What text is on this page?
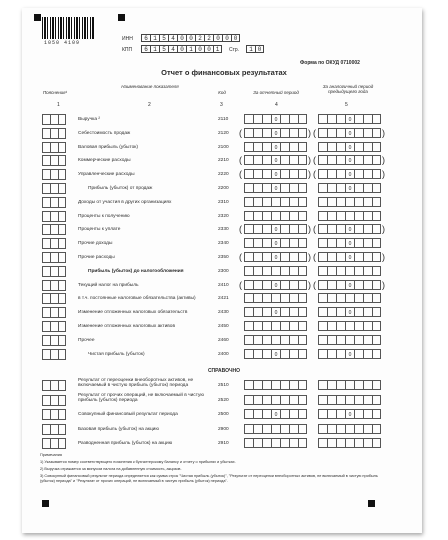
1050 4109
ИНН	6 1 5 4 0 0 2 2 0 0 0
КПП	6 1 5 4 0 1 0 0 1	Стр.	1 0
Форма по ОКУД 0710002
Отчет о финансовых результатах
Пояснения¹
Наименование показателя
Код	За отчетный период
За аналогичный период предыдущего года
1	2	3	4	5
Выручка ²	2110	0	0
Себестоимость продаж	2120 (	0	) (	0	)
Валовая прибыль (убыток)	2100	0	0
Коммерческие расходы	2210 (	0	) (	0	)
Управленческие расходы	2220 (	0	) (	0	)
Прибыль (убыток) от продаж	2200	0	0
Доходы от участия в других организациях	2310
Проценты к получению	2320
Проценты к уплате	2330 (	0	) (	0	)
Прочие доходы	2340	0	0
Прочие расходы	2350 (	0	) (	0	)
Прибыль (убыток) до налогообложения	2300
Текущий налог на прибыль	2410 (	0	) (	0	)
в т.ч. постоянные налоговые обязательства (активы)	2421
Изменение отложенных налоговых обязательств	2430	0	0
Изменение отложенных налоговых активов	2450
Прочее	2460
Чистая прибыль (убыток)	2400	0	0
СПРАВОЧНО
Результат от переоценки внеоборотных активов, не включаемый в чистую прибыль (убыток) периода	2510
Результат от прочих операций, не включаемый в чистую прибыль (убыток) периода	2520
Совокупный финансовый результат периода	2500	0	0
Базовая прибыль (убыток) на акцию	2900
Разводненная прибыль (убыток) на акцию	2910
Примечания
1) Указывается номер соответствующего пояснения к бухгалтерскому балансу и отчету о прибылях и убытках.
2) Выручка отражается за минусом налога на добавленную стоимость, акцизов.
3) Совокупный финансовый результат периода определяется как сумма строк "Чистая прибыль (убыток)", "Результат от переоценки внеоборотных активов, не включаемый в чистую прибыль (убыток) периода" и "Результат от прочих операций, не включаемый в чистую прибыль (убыток) периода".
